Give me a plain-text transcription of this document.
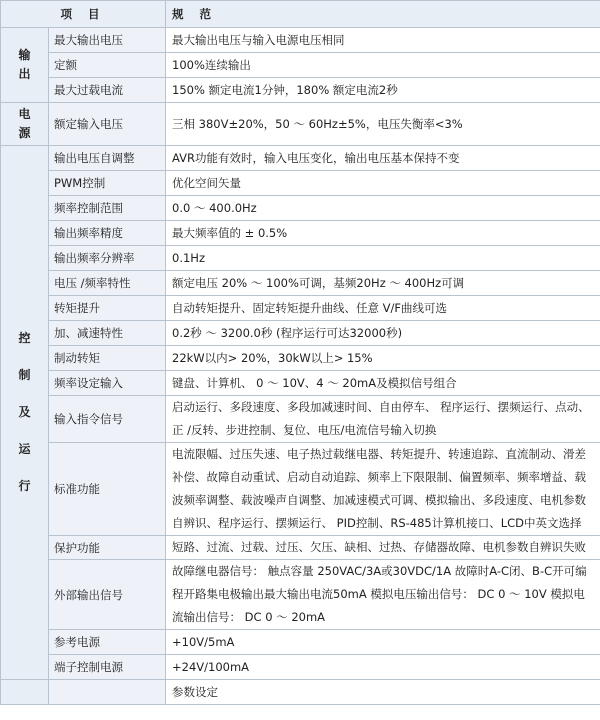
项 目		规 范

输出	最大输出电压	最大输出电压与输入电源电压相同
	定额	100%连续输出
	最大过载电流	150% 额定电流1分钟，180% 额定电流2秒

电源	额定输入电压	三相 380V±20%，50 ～ 60Hz±5%，电压失衡率<3%

控制及运行	输出电压自调整	AVR功能有效时，输入电压变化，输出电压基本保持不变
	PWM控制	优化空间矢量
	频率控制范围	0.0 ～ 400.0Hz
	输出频率精度	最大频率值的 ± 0.5%
	输出频率分辨率	0.1Hz
	电压 /频率特性	额定电压 20% ～ 100%可调，基频20Hz ～ 400Hz可调
	转矩提升	自动转矩提升、固定转矩提升曲线、任意 V/F曲线可选
	加、减速特性	0.2秒 ～ 3200.0秒 (程序运行可达32000秒)
	制动转矩	22kW以内> 20%，30kW以上> 15%
	频率设定输入	键盘、计算机、 0 ～ 10V、4 ～ 20mA及模拟信号组合
	输入指令信号	启动运行、多段速度、多段加减速时间、自由停车、 程序运行、摆频运行、点动、正 /反转、步进控制、复位、电压/电流信号输入切换
	标准功能	电流限幅、过压失速、电子热过载继电器、转矩提升、转速追踪、直流制动、滑差补偿、故障自动重试、启动自动追踪、频率上下限限制、偏置频率、频率增益、载波频率调整、载波噪声自调整、加减速模式可调、模拟输出、多段速度、电机参数自辨识、程序运行、摆频运行、 PID控制、RS-485计算机接口、LCD中英文选择
	保护功能	短路、过流、过载、过压、欠压、缺相、过热、存储器故障、电机参数自辨识失败
	外部输出信号	故障继电器信号： 触点容量 250VAC/3A或30VDC/1A 故障时A-C闭、B-C开可编程开路集电极输出最大输出电流50mA 模拟电压输出信号： DC 0 ～ 10V 模拟电流输出信号： DC 0 ～ 20mA
	参考电源	+10V/5mA
	端子控制电源	+24V/100mA
		参数设定
